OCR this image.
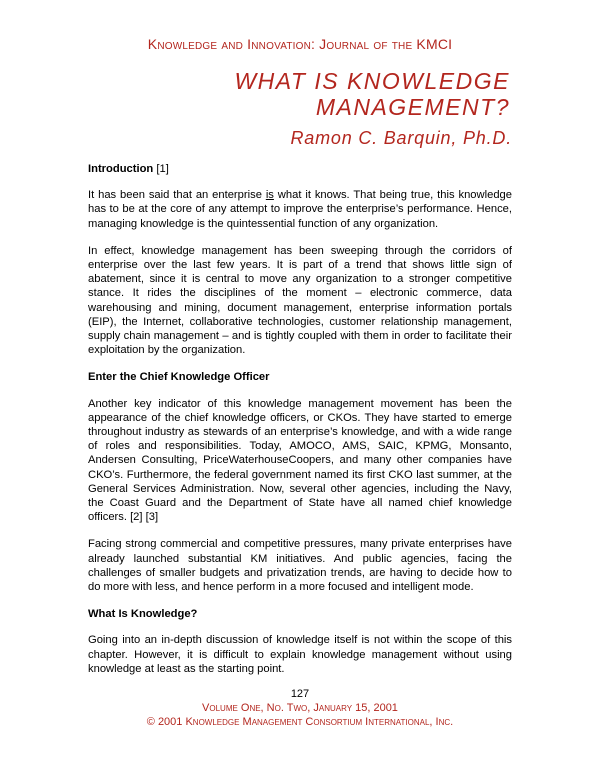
Knowledge and Innovation: Journal of the KMCI
WHAT IS KNOWLEDGE
MANAGEMENT?
Ramon C. Barquin, Ph.D.
Introduction [1]

It has been said that an enterprise is what it knows. That being true, this knowledge has to be at the core of any attempt to improve the enterprise’s performance. Hence, managing knowledge is the quintessential function of any organization.

In effect, knowledge management has been sweeping through the corridors of enterprise over the last few years. It is part of a trend that shows little sign of abatement, since it is central to move any organization to a stronger competitive stance. It rides the disciplines of the moment – electronic commerce, data warehousing and mining, document management, enterprise information portals (EIP), the Internet, collaborative technologies, customer relationship management, supply chain management – and is tightly coupled with them in order to facilitate their exploitation by the organization.

Enter the Chief Knowledge Officer

Another key indicator of this knowledge management movement has been the appearance of the chief knowledge officers, or CKOs. They have started to emerge throughout industry as stewards of an enterprise’s knowledge, and with a wide range of roles and responsibilities. Today, AMOCO, AMS, SAIC, KPMG, Monsanto, Andersen Consulting, PriceWaterhouseCoopers, and many other companies have CKO’s. Furthermore, the federal government named its first CKO last summer, at the General Services Administration. Now, several other agencies, including the Navy, the Coast Guard and the Department of State have all named chief knowledge officers. [2] [3]

Facing strong commercial and competitive pressures, many private enterprises have already launched substantial KM initiatives. And public agencies, facing the challenges of smaller budgets and privatization trends, are having to decide how to do more with less, and hence perform in a more focused and intelligent mode.

What Is Knowledge?

Going into an in-depth discussion of knowledge itself is not within the scope of this chapter. However, it is difficult to explain knowledge management without using knowledge at least as the starting point.

127
Volume One, No. Two, January 15, 2001
© 2001 Knowledge Management Consortium International, Inc.
